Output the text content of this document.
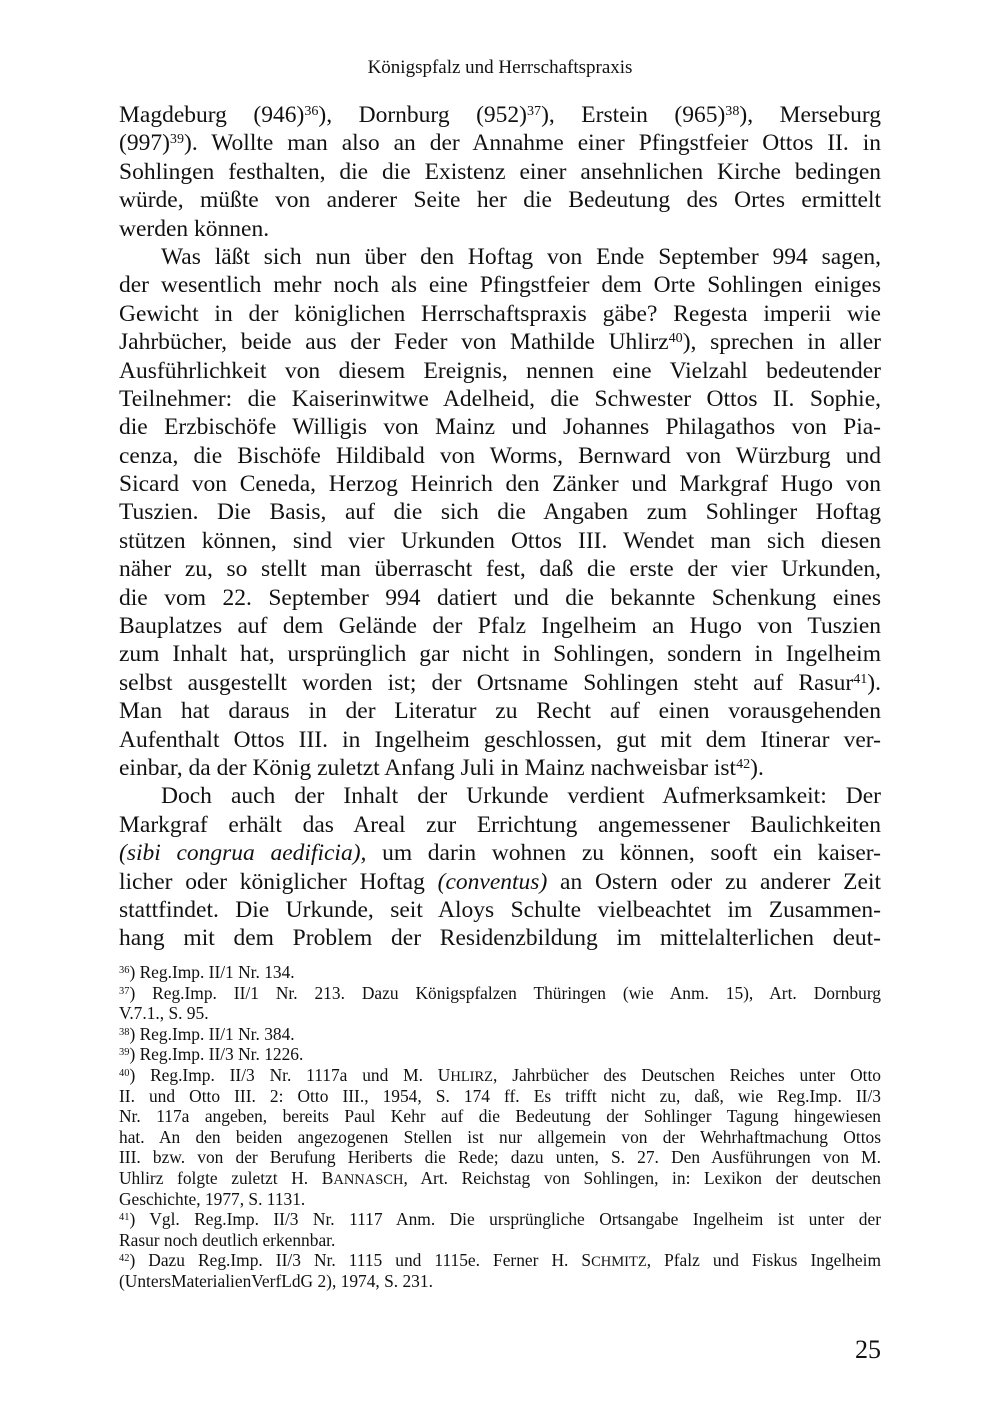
Königspfalz und Herrschaftspraxis
Magdeburg $(946)^{36}$), Dornburg $(952)^{37}$), Erstein $(965)^{38}$), Merseburg
$(997)^{39}$). Wollte man also an der Annahme einer Pfingstfeier Ottos II. in
Sohlingen festhalten, die die Existenz einer ansehnlichen Kirche bedingen
würde, müßte von anderer Seite her die Bedeutung des Ortes ermittelt
werden können.
Was läßt sich nun über den Hoftag von Ende September 994 sagen,
der wesentlich mehr noch als eine Pfingstfeier dem Orte Sohlingen einiges
Gewicht in der königlichen Herrschaftspraxis gäbe? Regesta imperii wie
Jahrbücher, beide aus der Feder von Mathilde Uhlirz$^{40}$), sprechen in aller
Ausführlichkeit von diesem Ereignis, nennen eine Vielzahl bedeutender
Teilnehmer: die Kaiserinwitwe Adelheid, die Schwester Ottos II. Sophie,
die Erzbischöfe Willigis von Mainz und Johannes Philagathos von Pia-
cenza, die Bischöfe Hildibald von Worms, Bernward von Würzburg und
Sicard von Ceneda, Herzog Heinrich den Zänker und Markgraf Hugo von
Tuszien. Die Basis, auf die sich die Angaben zum Sohlinger Hoftag
stützen können, sind vier Urkunden Ottos III. Wendet man sich diesen
näher zu, so stellt man überrascht fest, daß die erste der vier Urkunden,
die vom 22. September 994 datiert und die bekannte Schenkung eines
Bauplatzes auf dem Gelände der Pfalz Ingelheim an Hugo von Tuszien
zum Inhalt hat, ursprünglich gar nicht in Sohlingen, sondern in Ingelheim
selbst ausgestellt worden ist; der Ortsname Sohlingen steht auf Rasur$^{41}$).
Man hat daraus in der Literatur zu Recht auf einen vorausgehenden
Aufenthalt Ottos III. in Ingelheim geschlossen, gut mit dem Itinerar ver-
einbar, da der König zuletzt Anfang Juli in Mainz nachweisbar ist$^{42}$).
Doch auch der Inhalt der Urkunde verdient Aufmerksamkeit: Der
Markgraf erhält das Areal zur Errichtung angemessener Baulichkeiten
(sibi congrua aedificia), um darin wohnen zu können, sooft ein kaiser-
licher oder königlicher Hoftag (conventus) an Ostern oder zu anderer Zeit
stattfindet. Die Urkunde, seit Aloys Schulte vielbeachtet im Zusammen-
hang mit dem Problem der Residenzbildung im mittelalterlichen deut-
$^{36}$) Reg.Imp. II/1 Nr. 134.
$^{37}$) Reg.Imp. II/1 Nr. 213. Dazu Königspfalzen Thüringen (wie Anm. 15), Art. Dornburg
V.7.1., S. 95.
$^{38}$) Reg.Imp. II/1 Nr. 384.
$^{39}$) Reg.Imp. II/3 Nr. 1226.
$^{40}$) Reg.Imp. II/3 Nr. 1117a und M. UHLIRZ, Jahrbücher des Deutschen Reiches unter Otto
II. und Otto III. 2: Otto III., 1954, S. 174 ff. Es trifft nicht zu, daß, wie Reg.Imp. II/3
Nr. 117a angeben, bereits Paul Kehr auf die Bedeutung der Sohlinger Tagung hingewiesen
hat. An den beiden angezogenen Stellen ist nur allgemein von der Wehrhaftmachung Ottos
III. bzw. von der Berufung Heriberts die Rede; dazu unten, S. 27. Den Ausführungen von M.
Uhlirz folgte zuletzt H. BANNASCH, Art. Reichstag von Sohlingen, in: Lexikon der deutschen
Geschichte, 1977, S. 1131.
$^{41}$) Vgl. Reg.Imp. II/3 Nr. 1117 Anm. Die ursprüngliche Ortsangabe Ingelheim ist unter der
Rasur noch deutlich erkennbar.
$^{42}$) Dazu Reg.Imp. II/3 Nr. 1115 und 1115e. Ferner H. SCHMITZ, Pfalz und Fiskus Ingelheim
(UntersMaterialienVerfLdG 2), 1974, S. 231.
25
